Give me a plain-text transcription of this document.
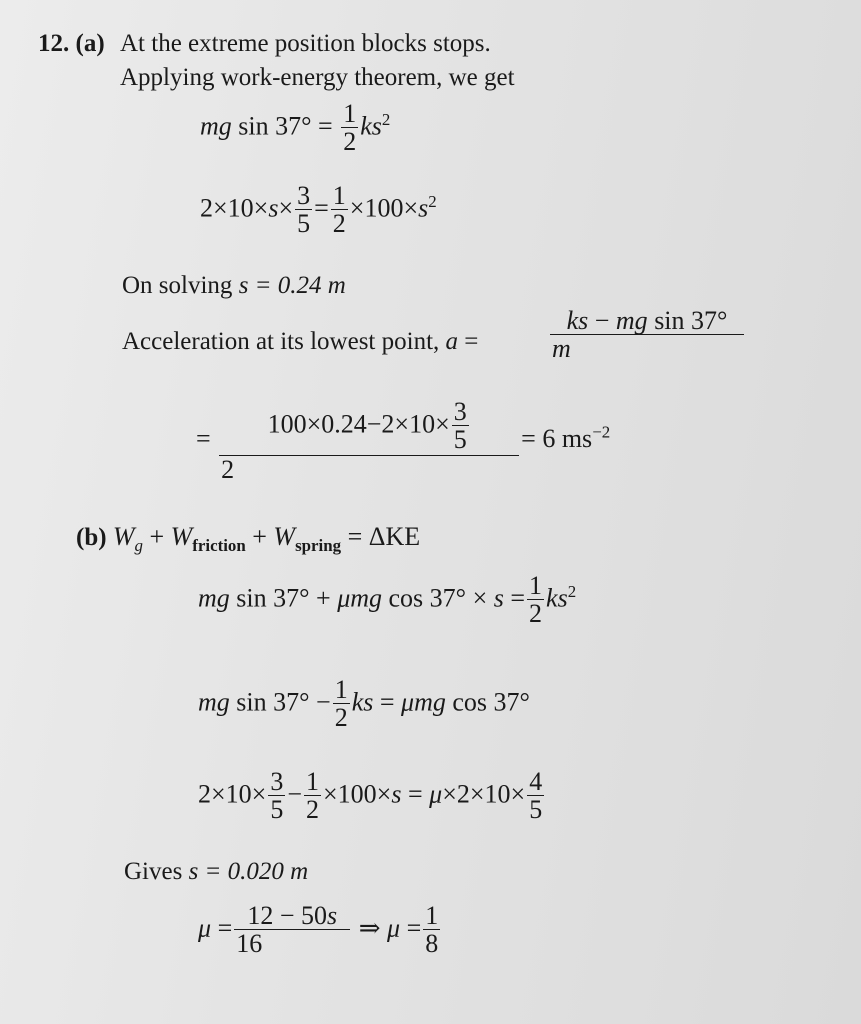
12. (a) At the extreme position blocks stops.
Applying work-energy theorem, we get
mg $\sin 37^\circ = \frac{1}{2} ks^2$
$2\times 10\times s\times \frac{3}{5} = \frac{1}{2} \times 100\times s^2$
On solving s = 0.24 m
Acceleration at its lowest point, a =	$\frac{\text{ks − mg sin 37°}}{m}$
= $\frac{100\times 0.24-2\times 10\times \frac{3}{5}}{2} = 6$ $ms^{-2}$
(b) $W_g + W_{friction} + W_{spring} = \Delta KE$
mg sin 37° + μmg $\cos 37^\circ \times s = \frac{1}{2} ks^2$
mg $\sin 37^\circ - \frac{1}{2}$ ks = μmg cos 37°
$2\times 10\times \frac{3}{5} - \frac{1}{2} \times 100\times s = \mu\times 2\times 10\times \frac{4}{5}$
Gives s = 0.020 m
$\mu = \frac{12 - 50s}{16}$ ⇒ $\mu = \frac{1}{8}$
